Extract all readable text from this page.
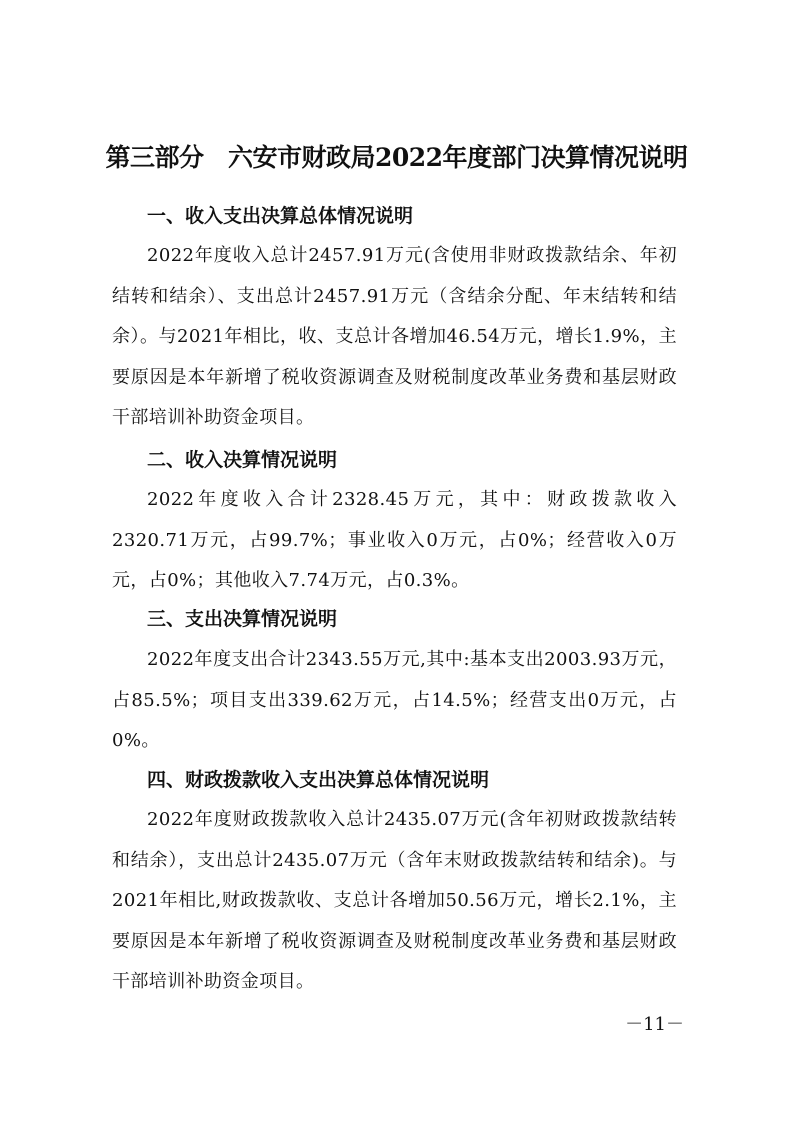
第三部分　六安市财政局2022年度部门决算情况说明
一、收入支出决算总体情况说明
2022年度收入总计2457.91万元(含使用非财政拨款结余、年初结转和结余）、支出总计2457.91万元（含结余分配、年末结转和结余）。与2021年相比，收、支总计各增加46.54万元，增长1.9%，主要原因是本年新增了税收资源调查及财税制度改革业务费和基层财政干部培训补助资金项目。
二、收入决算情况说明
2022年度收入合计2328.45万元，其中：财政拨款收入2320.71万元，占99.7%；事业收入0万元，占0%；经营收入0万元，占0%；其他收入7.74万元，占0.3%。
三、支出决算情况说明
2022年度支出合计2343.55万元,其中:基本支出2003.93万元，占85.5%；项目支出339.62万元，占14.5%；经营支出0万元，占0%。
四、财政拨款收入支出决算总体情况说明
2022年度财政拨款收入总计2435.07万元(含年初财政拨款结转和结余），支出总计2435.07万元（含年末财政拨款结转和结余)。与2021年相比,财政拨款收、支总计各增加50.56万元，增长2.1%，主要原因是本年新增了税收资源调查及财税制度改革业务费和基层财政干部培训补助资金项目。
－11－
